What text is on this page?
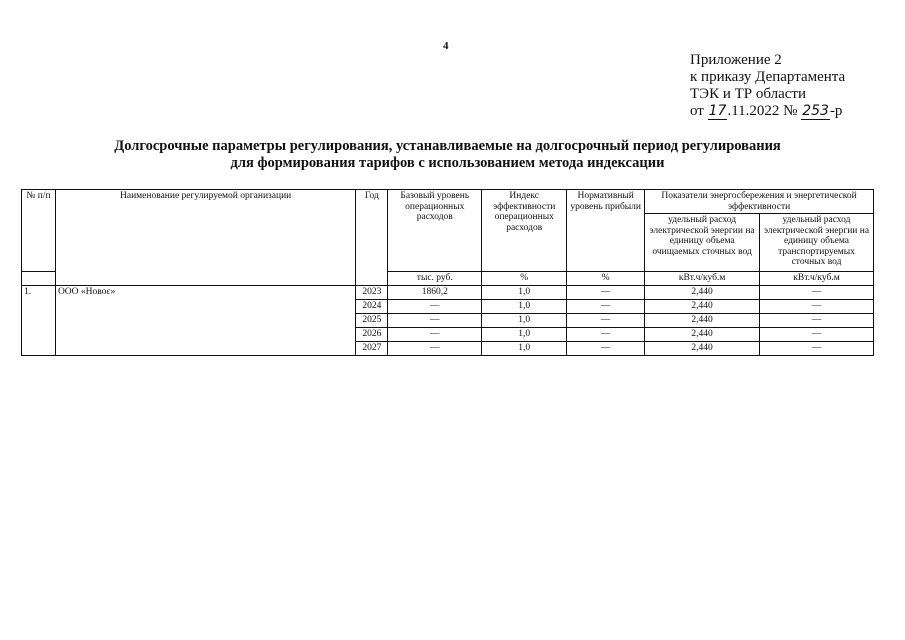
4
Приложение 2
к приказу Департамента
ТЭК и ТР области
от 17.11.2022 № 253-р
Долгосрочные параметры регулирования, устанавливаемые на долгосрочный период регулирования
для формирования тарифов с использованием метода индексации
№ п/п	Наименование регулируемой организации	Год	Базовый уровень операционных расходов	Индекс эффективности операционных расходов	Нормативный уровень прибыли	Показатели энергосбережения и энергетической эффективности	
						удельный расход электрической энергии на единицу объема очищаемых сточных вод	удельный расход электрической энергии на единицу объема транспортируемых сточных вод
			тыс. руб.	%	%	кВт.ч/куб.м	кВт.ч/куб.м
1.	ООО «Новоє»	2023	1860,2	1,0	—	2,440	—
		2024	—	1,0	—	2,440	—
		2025	—	1,0	—	2,440	—
		2026	—	1,0	—	2,440	—
		2027	—	1,0	—	2,440	—
